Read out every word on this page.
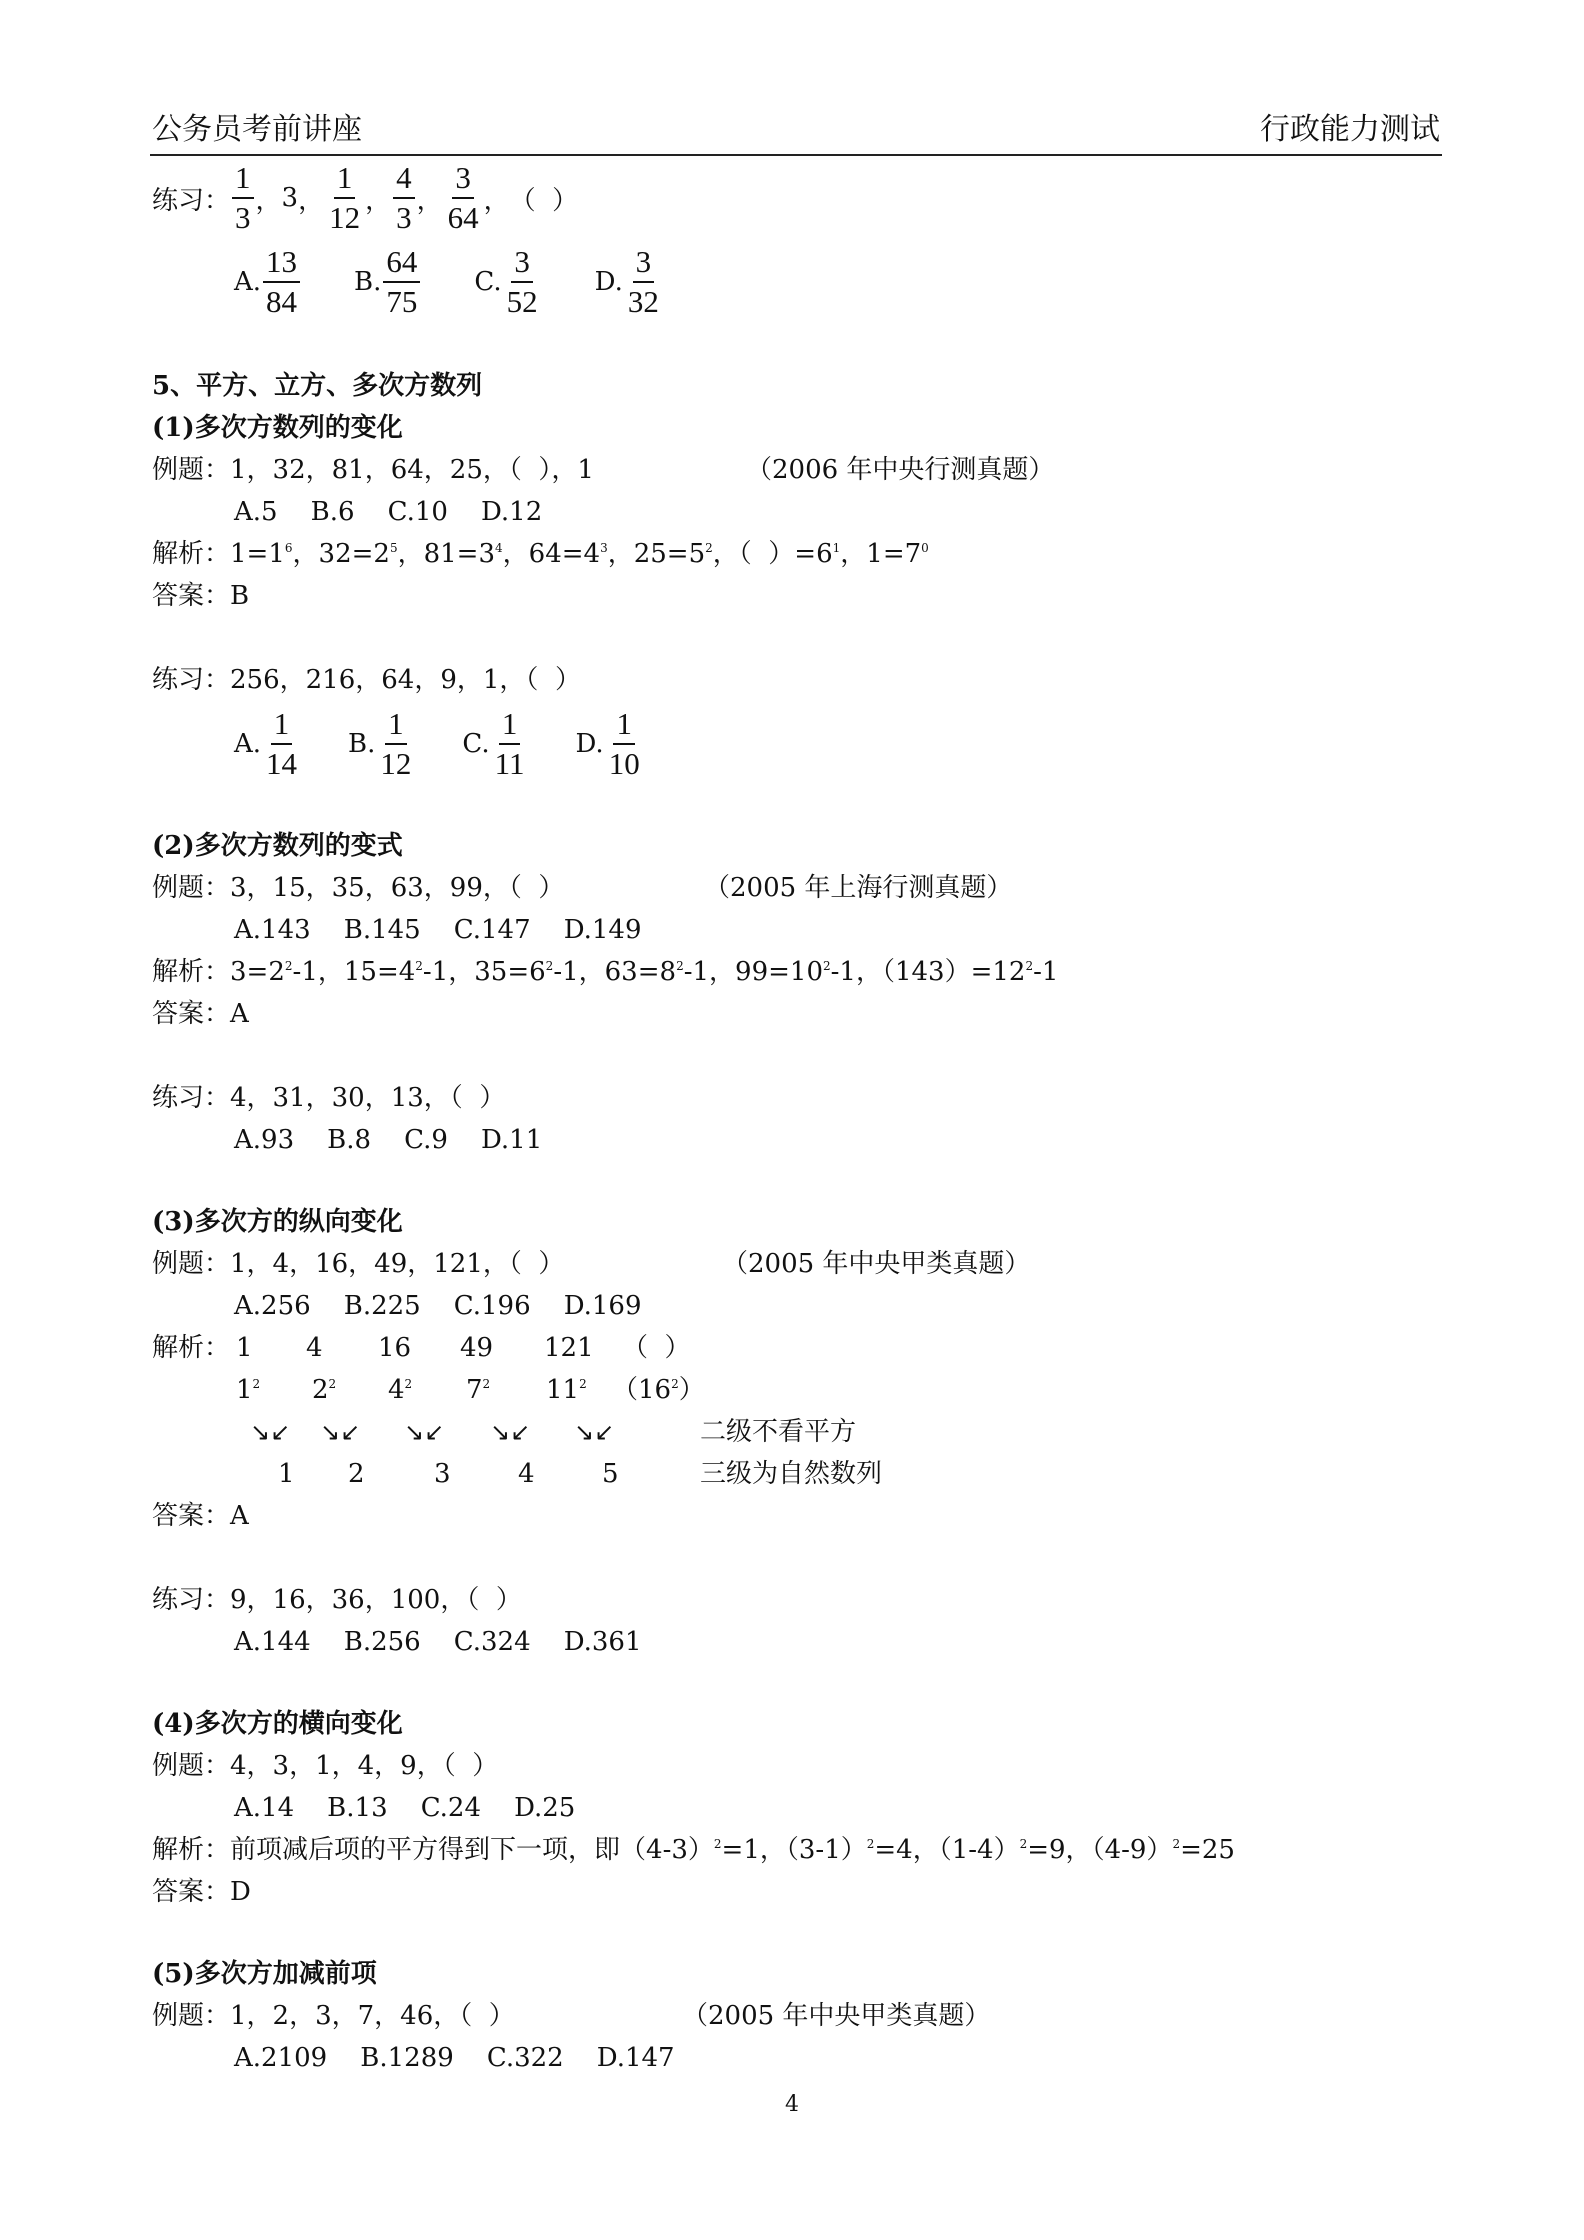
公务员考前讲座	行政能力测试
练习： $\frac{1}{3}$ ， 3 ， $\frac{1}{12}$ ， $\frac{4}{3}$ ， $\frac{3}{64}$ ， （  ）
A. $\frac{13}{84} B$. $\frac{64}{75} C$. $\frac{3}{52} D$. $\frac{3}{32}$
5、平方、立方、多次方数列
(1)多次方数列的变化
例题：1，32，81，64，25，（  ），1	（2006 年中央行测真题）
A.5    B.6    C.10    D.12
解析：$1=1^6$，$32=2^5$，$81=3^4$，$64=4^3$，$25=5^2$，（  ）$=6^1$，$1=7^0$
答案：B
练习：256，216，64，9，1，（  ）
A. $\frac{1}{14} B$. $\frac{1}{12} C$. $\frac{1}{11} D$. $\frac{1}{10}$
(2)多次方数列的变式
例题：3，15，35，63，99，（  ）	（2005 年上海行测真题）
A.143    B.145    C.147    D.149
解析：$3=2^2-1$，$15=4^2-1$，$35=6^2-1$，$63=8^2-1$，$99=10^2-1$，$(143)=12^2-1$
答案：A
练习：4，31，30，13，（  ）
A.93    B.8    C.9    D.11
(3)多次方的纵向变化
例题：1，4，16，49，121，（  ）	（2005 年中央甲类真题）
A.256    B.225    C.196    D.169
解析： 1 4 16 49 121 （  ）
$1^2$ $2^2$ $4^2$ $7^2$ $11^2$ $(16^2)$
↘↙ ↘↙ ↘↙ ↘↙ ↘↙	二级不看平方
1 2	3	4	5	三级为自然数列
答案：A
练习：9，16，36，100，（  ）
A.144    B.256    C.324    D.361
(4)多次方的横向变化
例题：4，3，1，4，9，（  ）
A.14    B.13    C.24    D.25
解析：前项减后项的平方得到下一项，即$(4-3)^2=1$，$(3-1)^2=4$，$(1-4)^2=9$，$(4-9)^2=25$
答案：D
(5)多次方加减前项
例题：1，2，3，7，46，（  ）	（2005 年中央甲类真题）
A.2109    B.1289    C.322    D.147
4
